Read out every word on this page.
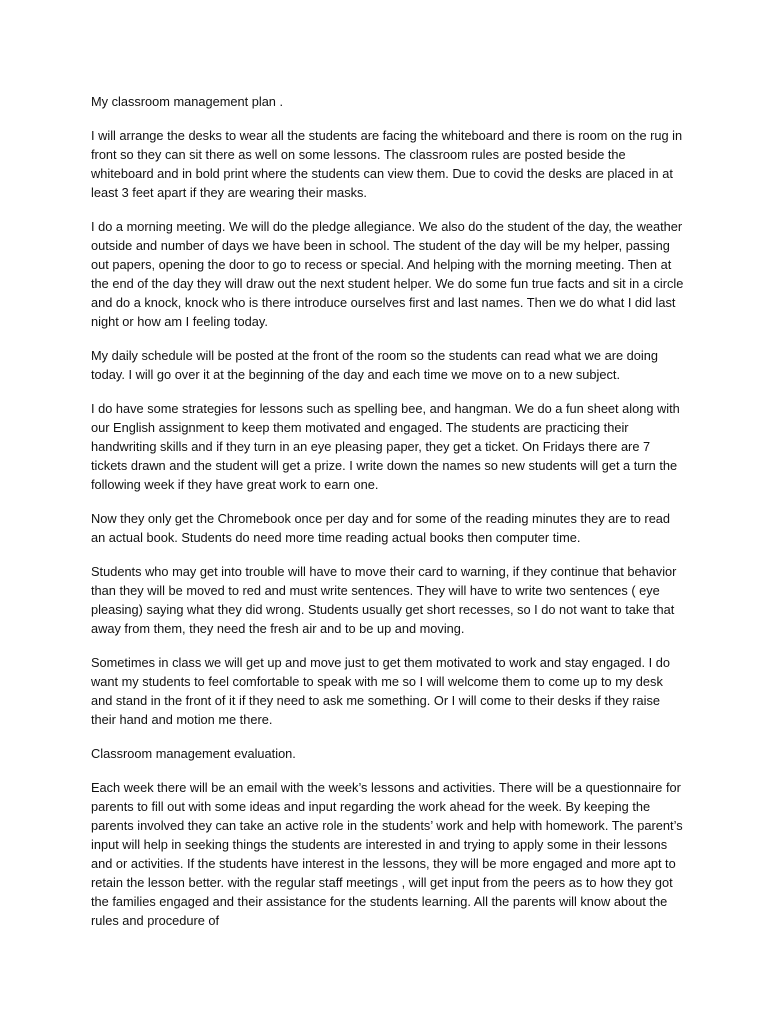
My classroom management plan .

I will arrange the desks to wear all the students are facing the whiteboard and there is room on the rug in front so they can sit there as well on some lessons. The classroom rules are posted beside the whiteboard and in bold print where the students can view them. Due to covid the desks are placed in at least 3 feet apart if they are wearing their masks.

I do a morning meeting. We will do the pledge allegiance. We also do the student of the day, the weather outside and number of days we have been in school. The student of the day will be my helper, passing out papers, opening the door to go to recess or special. And helping with the morning meeting. Then at the end of the day they will draw out the next student helper. We do some fun true facts and sit in a circle and do a knock, knock who is there introduce ourselves first and last names. Then we do what I did last night or how am I feeling today.

My daily schedule will be posted at the front of the room so the students can read what we are doing today. I will go over it at the beginning of the day and each time we move on to a new subject.

I do have some strategies for lessons such as spelling bee, and hangman. We do a fun sheet along with our English assignment to keep them motivated and engaged. The students are practicing their handwriting skills and if they turn in an eye pleasing paper, they get a ticket. On Fridays there are 7 tickets drawn and the student will get a prize. I write down the names so new students will get a turn the following week if they have great work to earn one.

Now they only get the Chromebook once per day and for some of the reading minutes they are to read an actual book. Students do need more time reading actual books then computer time.

Students who may get into trouble will have to move their card to warning, if they continue that behavior than they will be moved to red and must write sentences. They will have to write two sentences ( eye pleasing) saying what they did wrong. Students usually get short recesses, so I do not want to take that away from them, they need the fresh air and to be up and moving.

Sometimes in class we will get up and move just to get them motivated to work and stay engaged. I do want my students to feel comfortable to speak with me so I will welcome them to come up to my desk and stand in the front of it if they need to ask me something. Or I will come to their desks if they raise their hand and motion me there.

Classroom management evaluation.

Each week there will be an email with the week’s lessons and activities. There will be a questionnaire for parents to fill out with some ideas and input regarding the work ahead for the week. By keeping the parents involved they can take an active role in the students’ work and help with homework. The parent’s input will help in seeking things the students are interested in and trying to apply some in their lessons and or activities. If the students have interest in the lessons, they will be more engaged and more apt to retain the lesson better. with the regular staff meetings , will get input from the peers as to how they got the families engaged and their assistance for the students learning. All the parents will know about the rules and procedure of
